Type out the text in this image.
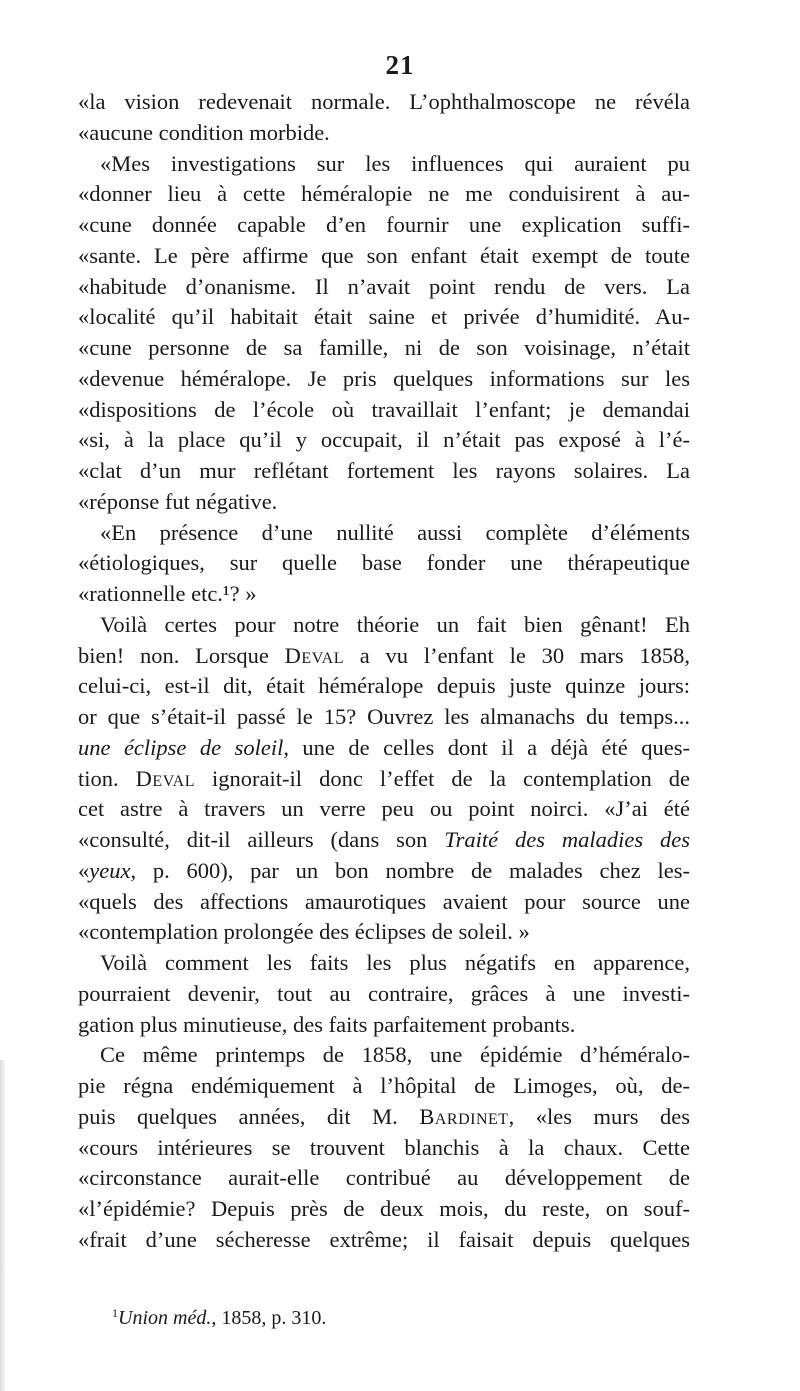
21
«la vision redevenait normale. L’ophthalmoscope ne révéla
«aucune condition morbide.
«Mes investigations sur les influences qui auraient pu
«donner lieu à cette héméralopie ne me conduisirent à au-
«cune donnée capable d’en fournir une explication suffi-
«sante. Le père affirme que son enfant était exempt de toute
«habitude d’onanisme. Il n’avait point rendu de vers. La
«localité qu’il habitait était saine et privée d’humidité. Au-
«cune personne de sa famille, ni de son voisinage, n’était
«devenue héméralope. Je pris quelques informations sur les
«dispositions de l’école où travaillait l’enfant; je demandai
«si, à la place qu’il y occupait, il n’était pas exposé à l’é-
«clat d’un mur reflétant fortement les rayons solaires. La
«réponse fut négative.
«En présence d’une nullité aussi complète d’éléments
«étiologiques, sur quelle base fonder une thérapeutique
«rationnelle etc.¹? »
Voilà certes pour notre théorie un fait bien gênant! Eh
bien! non. Lorsque Deval a vu l’enfant le 30 mars 1858,
celui-ci, est-il dit, était héméralope depuis juste quinze jours:
or que s’était-il passé le 15? Ouvrez les almanachs du temps...
une éclipse de soleil, une de celles dont il a déjà été ques-
tion. Deval ignorait-il donc l’effet de la contemplation de
cet astre à travers un verre peu ou point noirci. «J’ai été
«consulté, dit-il ailleurs (dans son Traité des maladies des
«yeux, p. 600), par un bon nombre de malades chez les-
«quels des affections amaurotiques avaient pour source une
«contemplation prolongée des éclipses de soleil. »
Voilà comment les faits les plus négatifs en apparence,
pourraient devenir, tout au contraire, grâces à une investi-
gation plus minutieuse, des faits parfaitement probants.
Ce même printemps de 1858, une épidémie d’héméralo-
pie régna endémiquement à l’hôpital de Limoges, où, de-
puis quelques années, dit M. Bardinet, «les murs des
«cours intérieures se trouvent blanchis à la chaux. Cette
«circonstance aurait-elle contribué au développement de
«l’épidémie? Depuis près de deux mois, du reste, on souf-
«frait d’une sécheresse extrême; il faisait depuis quelques
$^1$Union méd., 1858, p. 310.
